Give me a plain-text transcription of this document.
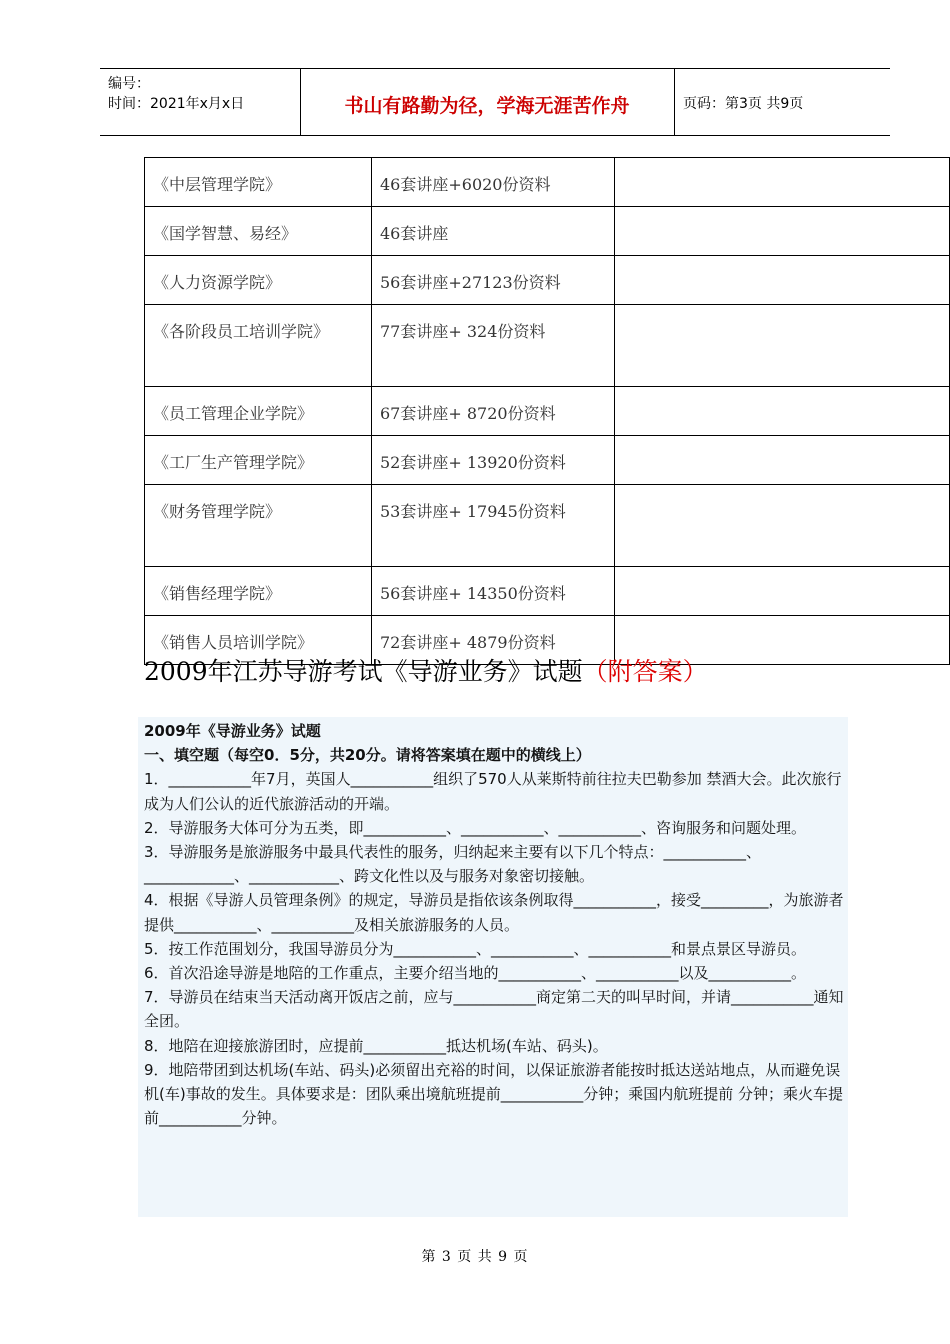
编号：
时间：2021年x月x日	书山有路勤为径，学海无涯苦作舟	页码：第3页 共9页
《中层管理学院》	46套讲座+6020份资料	
《国学智慧、易经》	46套讲座	
《人力资源学院》	56套讲座+27123份资料	

《各阶段员工培训学院》	77套讲座+ 324份资料	
《员工管理企业学院》	67套讲座+ 8720份资料	
《工厂生产管理学院》	52套讲座+ 13920份资料	
《财务管理学院》	53套讲座+ 17945份资料	

《销售经理学院》	56套讲座+ 14350份资料	
《销售人员培训学院》	72套讲座+ 4879份资料	
2009年江苏导游考试《导游业务》试题（附答案）

2009年《导游业务》试题

一、填空题（每空0．5分，共20分。请将答案填在题中的横线上）

1．___________年7月，英国人___________组织了570人从莱斯特前往拉夫巴勒参加 禁酒大会。此次旅行成为人们公认的近代旅游活动的开端。

2．导游服务大体可分为五类，即___________、___________、___________、咨询服务和问题处理。

3．导游服务是旅游服务中最具代表性的服务，归纳起来主要有以下几个特点：___________、____________、____________、跨文化性以及与服务对象密切接触。

4．根据《导游人员管理条例》的规定，导游员是指依该条例取得___________，接受_________，为旅游者提供___________、___________及相关旅游服务的人员。

5．按工作范围划分，我国导游员分为___________、___________、___________和景点景区导游员。

6．首次沿途导游是地陪的工作重点，主要介绍当地的___________、___________以及___________。

7．导游员在结束当天活动离开饭店之前，应与___________商定第二天的叫早时间，并请___________通知全团。

8．地陪在迎接旅游团时，应提前___________抵达机场(车站、码头)。

9．地陪带团到达机场(车站、码头)必须留出充裕的时间，以保证旅游者能按时抵达送站地点，从而避免误机(车)事故的发生。具体要求是：团队乘出境航班提前___________分钟；乘国内航班提前 分钟；乘火车提前___________分钟。

第 3 页 共 9 页
